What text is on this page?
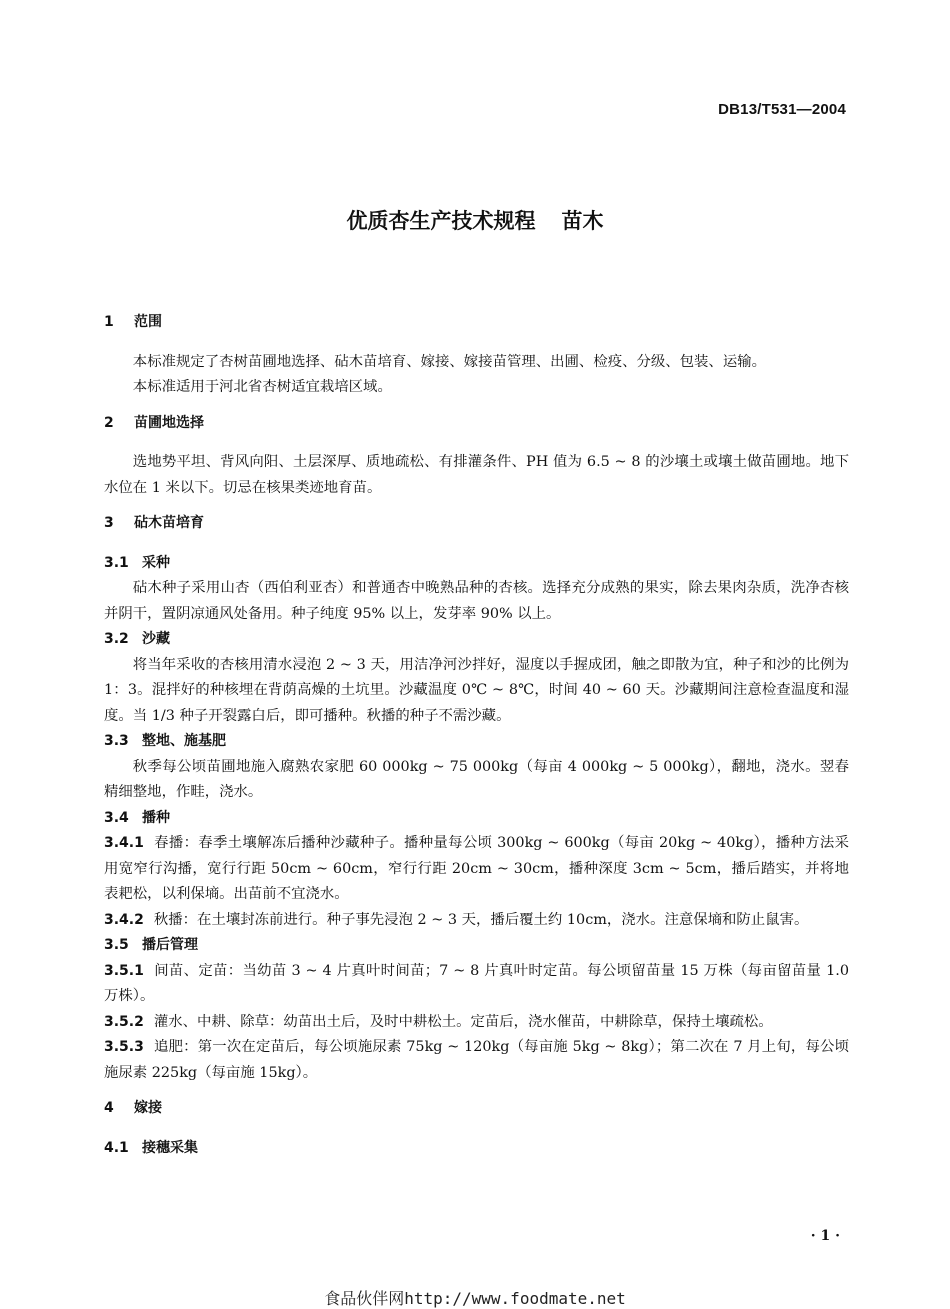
DB13/T531—2004
优质杏生产技术规程 苗木
1 范围
本标准规定了杏树苗圃地选择、砧木苗培育、嫁接、嫁接苗管理、出圃、检疫、分级、包装、运输。
本标准适用于河北省杏树适宜栽培区域。
2 苗圃地选择
选地势平坦、背风向阳、土层深厚、质地疏松、有排灌条件、PH 值为 6.5 ~ 8 的沙壤土或壤土做苗圃地。地下水位在 1 米以下。切忌在核果类迹地育苗。
3 砧木苗培育
3.1 采种
砧木种子采用山杏（西伯利亚杏）和普通杏中晚熟品种的杏核。选择充分成熟的果实，除去果肉杂质，洗净杏核并阴干，置阴凉通风处备用。种子纯度 95% 以上，发芽率 90% 以上。
3.2 沙藏
将当年采收的杏核用清水浸泡 2 ~ 3 天，用洁净河沙拌好，湿度以手握成团，触之即散为宜，种子和沙的比例为 1：3。混拌好的种核埋在背荫高燥的土坑里。沙藏温度 0℃ ~ 8℃，时间 40 ~ 60 天。沙藏期间注意检查温度和湿度。当 1/3 种子开裂露白后，即可播种。秋播的种子不需沙藏。
3.3 整地、施基肥
秋季每公顷苗圃地施入腐熟农家肥 60 000kg ~ 75 000kg（每亩 4 000kg ~ 5 000kg），翻地，浇水。翌春精细整地，作畦，浇水。
3.4 播种
3.4.1 春播：春季土壤解冻后播种沙藏种子。播种量每公顷 300kg ~ 600kg（每亩 20kg ~ 40kg），播种方法采用宽窄行沟播，宽行行距 50cm ~ 60cm，窄行行距 20cm ~ 30cm，播种深度 3cm ~ 5cm，播后踏实，并将地表耙松，以利保墒。出苗前不宜浇水。
3.4.2 秋播：在土壤封冻前进行。种子事先浸泡 2 ~ 3 天，播后覆土约 10cm，浇水。注意保墒和防止鼠害。
3.5 播后管理
3.5.1 间苗、定苗：当幼苗 3 ~ 4 片真叶时间苗；7 ~ 8 片真叶时定苗。每公顷留苗量 15 万株（每亩留苗量 1.0 万株）。
3.5.2 灌水、中耕、除草：幼苗出土后，及时中耕松土。定苗后，浇水催苗，中耕除草，保持土壤疏松。
3.5.3 追肥：第一次在定苗后，每公顷施尿素 75kg ~ 120kg（每亩施 5kg ~ 8kg）；第二次在 7 月上旬，每公顷施尿素 225kg（每亩施 15kg）。
4 嫁接
4.1 接穗采集
· 1 ·
食品伙伴网http://www.foodmate.net
